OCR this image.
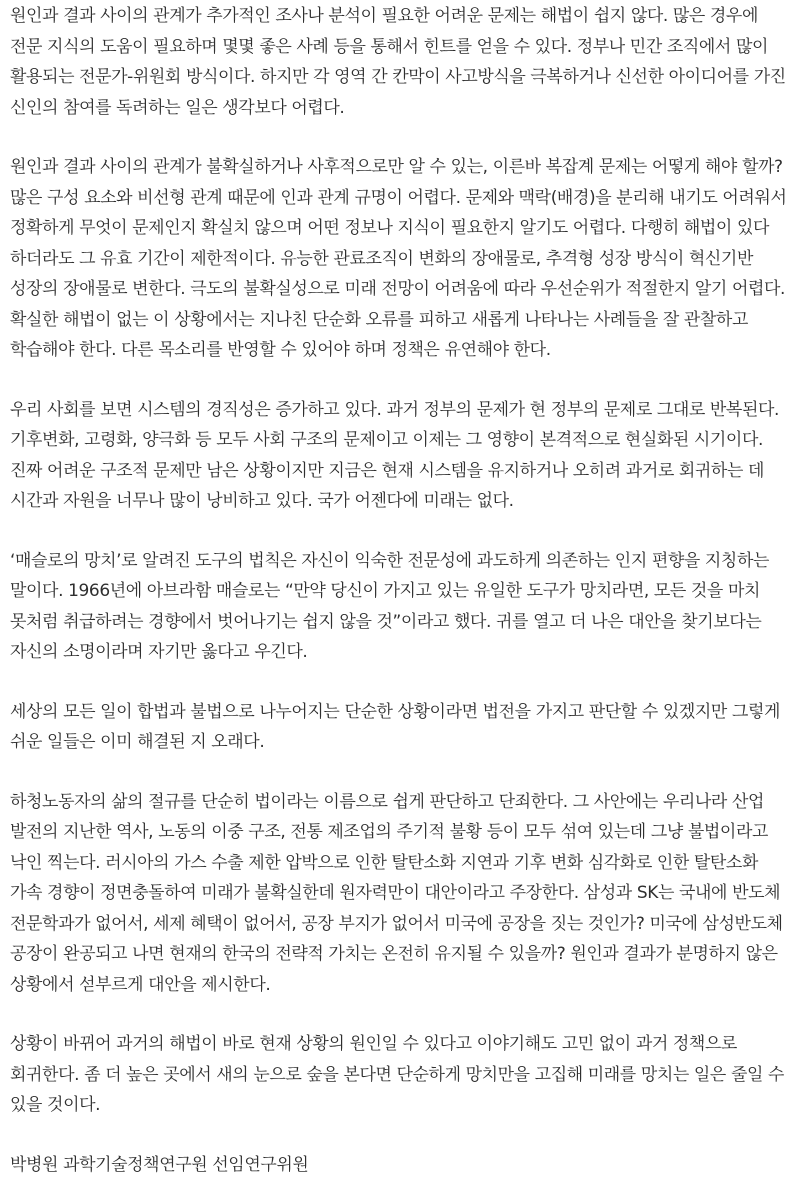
원인과 결과 사이의 관계가 추가적인 조사나 분석이 필요한 어려운 문제는 해법이 쉽지 않다. 많은 경우에 전문 지식의 도움이 필요하며 몇몇 좋은 사례 등을 통해서 힌트를 얻을 수 있다. 정부나 민간 조직에서 많이 활용되는 전문가-위원회 방식이다. 하지만 각 영역 간 칸막이 사고방식을 극복하거나 신선한 아이디어를 가진 신인의 참여를 독려하는 일은 생각보다 어렵다.

원인과 결과 사이의 관계가 불확실하거나 사후적으로만 알 수 있는, 이른바 복잡계 문제는 어떻게 해야 할까? 많은 구성 요소와 비선형 관계 때문에 인과 관계 규명이 어렵다. 문제와 맥락(배경)을 분리해 내기도 어려워서 정확하게 무엇이 문제인지 확실치 않으며 어떤 정보나 지식이 필요한지 알기도 어렵다. 다행히 해법이 있다 하더라도 그 유효 기간이 제한적이다. 유능한 관료조직이 변화의 장애물로, 추격형 성장 방식이 혁신기반 성장의 장애물로 변한다. 극도의 불확실성으로 미래 전망이 어려움에 따라 우선순위가 적절한지 알기 어렵다. 확실한 해법이 없는 이 상황에서는 지나친 단순화 오류를 피하고 새롭게 나타나는 사례들을 잘 관찰하고 학습해야 한다. 다른 목소리를 반영할 수 있어야 하며 정책은 유연해야 한다.

우리 사회를 보면 시스템의 경직성은 증가하고 있다. 과거 정부의 문제가 현 정부의 문제로 그대로 반복된다. 기후변화, 고령화, 양극화 등 모두 사회 구조의 문제이고 이제는 그 영향이 본격적으로 현실화된 시기이다. 진짜 어려운 구조적 문제만 남은 상황이지만 지금은 현재 시스템을 유지하거나 오히려 과거로 회귀하는 데 시간과 자원을 너무나 많이 낭비하고 있다. 국가 어젠다에 미래는 없다.

‘매슬로의 망치’로 알려진 도구의 법칙은 자신이 익숙한 전문성에 과도하게 의존하는 인지 편향을 지칭하는 말이다. 1966년에 아브라함 매슬로는 “만약 당신이 가지고 있는 유일한 도구가 망치라면, 모든 것을 마치 못처럼 취급하려는 경향에서 벗어나기는 쉽지 않을 것”이라고 했다. 귀를 열고 더 나은 대안을 찾기보다는 자신의 소명이라며 자기만 옳다고 우긴다.

세상의 모든 일이 합법과 불법으로 나누어지는 단순한 상황이라면 법전을 가지고 판단할 수 있겠지만 그렇게 쉬운 일들은 이미 해결된 지 오래다.

하청노동자의 삶의 절규를 단순히 법이라는 이름으로 쉽게 판단하고 단죄한다. 그 사안에는 우리나라 산업 발전의 지난한 역사, 노동의 이중 구조, 전통 제조업의 주기적 불황 등이 모두 섞여 있는데 그냥 불법이라고 낙인 찍는다. 러시아의 가스 수출 제한 압박으로 인한 탈탄소화 지연과 기후 변화 심각화로 인한 탈탄소화 가속 경향이 정면충돌하여 미래가 불확실한데 원자력만이 대안이라고 주장한다. 삼성과 SK는 국내에 반도체 전문학과가 없어서, 세제 혜택이 없어서, 공장 부지가 없어서 미국에 공장을 짓는 것인가? 미국에 삼성반도체 공장이 완공되고 나면 현재의 한국의 전략적 가치는 온전히 유지될 수 있을까? 원인과 결과가 분명하지 않은 상황에서 섣부르게 대안을 제시한다.

상황이 바뀌어 과거의 해법이 바로 현재 상황의 원인일 수 있다고 이야기해도 고민 없이 과거 정책으로 회귀한다. 좀 더 높은 곳에서 새의 눈으로 숲을 본다면 단순하게 망치만을 고집해 미래를 망치는 일은 줄일 수 있을 것이다.

박병원 과학기술정책연구원 선임연구위원
